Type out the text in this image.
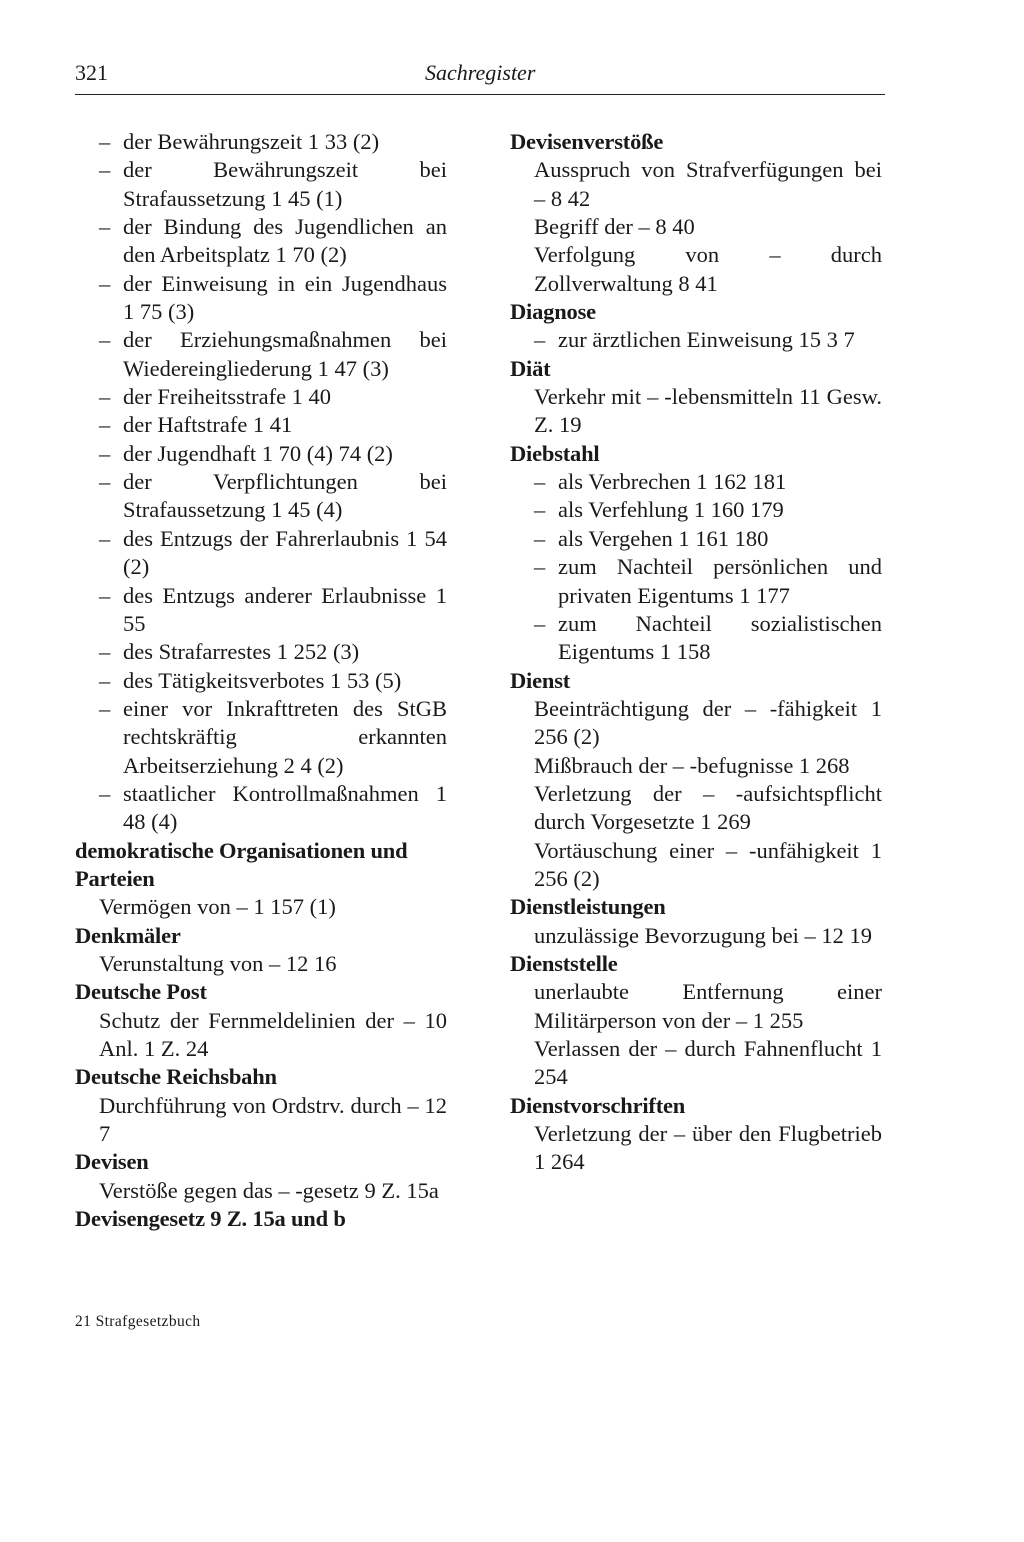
321	Sachregister
– der Bewährungszeit 1 33 (2)
– der Bewährungszeit bei Strafaussetzung 1 45 (1)
– der Bindung des Jugendlichen an den Arbeitsplatz 1 70 (2)
– der Einweisung in ein Jugendhaus 1 75 (3)
– der Erziehungsmaßnahmen bei Wiedereingliederung 1 47 (3)
– der Freiheitsstrafe 1 40
– der Haftstrafe 1 41
– der Jugendhaft 1 70 (4) 74 (2)
– der Verpflichtungen bei Strafaussetzung 1 45 (4)
– des Entzugs der Fahrerlaubnis 1 54 (2)
– des Entzugs anderer Erlaubnisse 1 55
– des Strafarrestes 1 252 (3)
– des Tätigkeitsverbotes 1 53 (5)
– einer vor Inkrafttreten des StGB rechtskräftig erkannten Arbeitserziehung 2 4 (2)
– staatlicher Kontrollmaßnahmen 1 48 (4)
demokratische Organisationen und Parteien
Vermögen von – 1 157 (1)
Denkmäler
Verunstaltung von – 12 16
Deutsche Post
Schutz der Fernmeldelinien der – 10 Anl. 1 Z. 24
Deutsche Reichsbahn
Durchführung von Ordstrv. durch – 12 7
Devisen
Verstöße gegen das – -gesetz 9 Z. 15a
Devisengesetz 9 Z. 15a und b
Devisenverstöße
Ausspruch von Strafverfügungen bei – 8 42
Begriff der – 8 40
Verfolgung von – durch Zollverwaltung 8 41
Diagnose
– zur ärztlichen Einweisung 15 3 7
Diät
Verkehr mit – -lebensmitteln 11 Gesw. Z. 19
Diebstahl
– als Verbrechen 1 162 181
– als Verfehlung 1 160 179
– als Vergehen 1 161 180
– zum Nachteil persönlichen und privaten Eigentums 1 177
– zum Nachteil sozialistischen Eigentums 1 158
Dienst
Beeinträchtigung der – -fähigkeit 1 256 (2)
Mißbrauch der – -befugnisse 1 268
Verletzung der – -aufsichtspflicht durch Vorgesetzte 1 269
Vortäuschung einer – -unfähigkeit 1 256 (2)
Dienstleistungen
unzulässige Bevorzugung bei – 12 19
Dienststelle
unerlaubte Entfernung einer Militärperson von der – 1 255
Verlassen der – durch Fahnenflucht 1 254
Dienstvorschriften
Verletzung der – über den Flugbetrieb 1 264
21 Strafgesetzbuch
